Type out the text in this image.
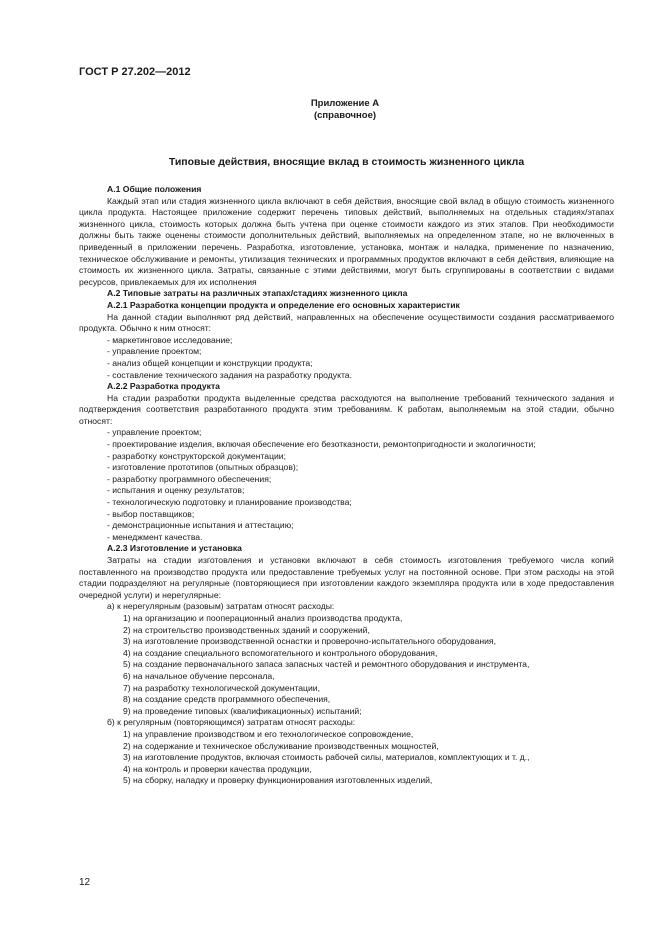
ГОСТ Р 27.202—2012
Приложение А
(справочное)
Типовые действия, вносящие вклад в стоимость жизненного цикла
А.1 Общие положения
Каждый этап или стадия жизненного цикла включают в себя действия, вносящие свой вклад в общую стоимость жизненного цикла продукта. Настоящее приложение содержит перечень типовых действий, выполняемых на отдельных стадиях/этапах жизненного цикла, стоимость которых должна быть учтена при оценке стоимости каждого из этих этапов. При необходимости должны быть также оценены стоимости дополнительных действий, выполняемых на определенном этапе, но не включенных в приведенный в приложении перечень. Разработка, изготовление, установка, монтаж и наладка, применение по назначению, техническое обслуживание и ремонты, утилизация технических и программных продуктов включают в себя действия, влияющие на стоимость их жизненного цикла. Затраты, связанные с этими действиями, могут быть сгруппированы в соответствии с видами ресурсов, привлекаемых для их исполнения
А.2 Типовые затраты на различных этапах/стадиях жизненного цикла
А.2.1 Разработка концепции продукта и определение его основных характеристик
На данной стадии выполняют ряд действий, направленных на обеспечение осуществимости создания рассматриваемого продукта. Обычно к ним относят:
- маркетинговое исследование;
- управление проектом;
- анализ общей концепции и конструкции продукта;
- составление технического задания на разработку продукта.
А.2.2 Разработка продукта
На стадии разработки продукта выделенные средства расходуются на выполнение требований технического задания и подтверждения соответствия разработанного продукта этим требованиям. К работам, выполняемым на этой стадии, обычно относят:
- управление проектом;
- проектирование изделия, включая обеспечение его безотказности, ремонтопригодности и экологичности;
- разработку конструкторской документации;
- изготовление прототипов (опытных образцов);
- разработку программного обеспечения;
- испытания и оценку результатов;
- технологическую подготовку и планирование производства;
- выбор поставщиков;
- демонстрационные испытания и аттестацию;
- менеджмент качества.
А.2.3 Изготовление и установка
Затраты на стадии изготовления и установки включают в себя стоимость изготовления требуемого числа копий поставленного на производство продукта или предоставление требуемых услуг на постоянной основе. При этом расходы на этой стадии подразделяют на регулярные (повторяющиеся при изготовлении каждого экземпляра продукта или в ходе предоставления очередной услуги) и нерегулярные:
а) к нерегулярным (разовым) затратам относят расходы:
1) на организацию и пооперационный анализ производства продукта,
2) на строительство производственных зданий и сооружений,
3) на изготовление производственной оснастки и проверочно-испытательного оборудования,
4) на создание специального вспомогательного и контрольного оборудования,
5) на создание первоначального запаса запасных частей и ремонтного оборудования и инструмента,
6) на начальное обучение персонала,
7) на разработку технологической документации,
8) на создание средств программного обеспечения,
9) на проведение типовых (квалификационных) испытаний;
б) к регулярным (повторяющимся) затратам относят расходы:
1) на управление производством и его технологическое сопровождение,
2) на содержание и техническое обслуживание производственных мощностей,
3) на изготовление продуктов, включая стоимость рабочей силы, материалов, комплектующих и т. д.,
4) на контроль и проверки качества продукции,
5) на сборку, наладку и проверку функционирования изготовленных изделий,
12
